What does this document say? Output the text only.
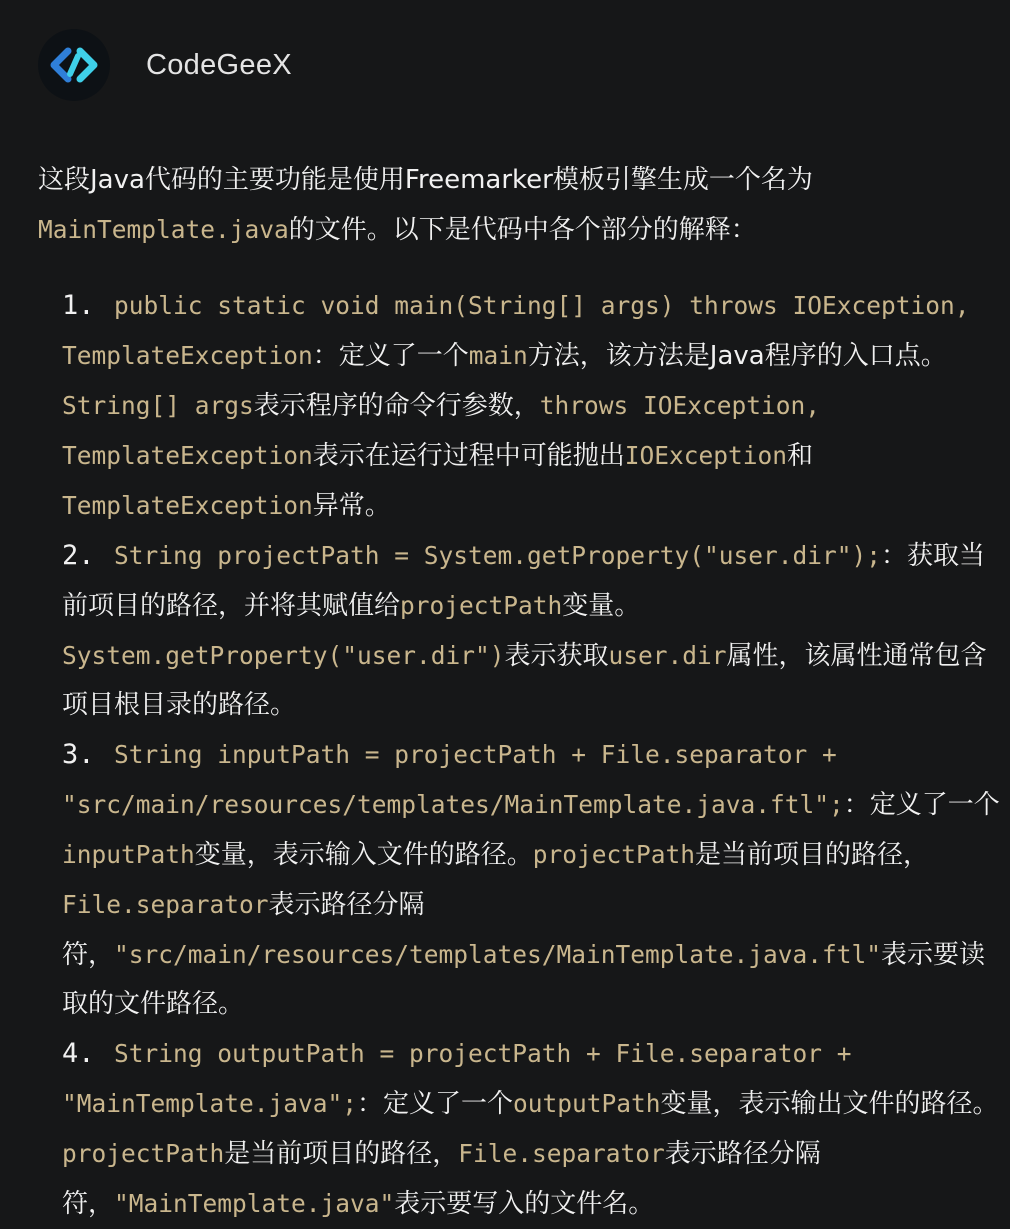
CodeGeeX
这段Java代码的主要功能是使用Freemarker模板引擎生成一个名为MainTemplate.java的文件。以下是代码中各个部分的解释：
1. public static void main(String[] args) throws IOException, TemplateException：定义了一个main方法，该方法是Java程序的入口点。String[] args表示程序的命令行参数，throws IOException, TemplateException表示在运行过程中可能抛出IOException和TemplateException异常。
2. String projectPath = System.getProperty("user.dir");：获取当前项目的路径，并将其赋值给projectPath变量。System.getProperty("user.dir")表示获取user.dir属性，该属性通常包含项目根目录的路径。
3. String inputPath = projectPath + File.separator + "src/main/resources/templates/MainTemplate.java.ftl";：定义了一个inputPath变量，表示输入文件的路径。projectPath是当前项目的路径，File.separator表示路径分隔符，"src/main/resources/templates/MainTemplate.java.ftl"表示要读取的文件路径。
4. String outputPath = projectPath + File.separator + "MainTemplate.java";：定义了一个outputPath变量，表示输出文件的路径。projectPath是当前项目的路径，File.separator表示路径分隔符，"MainTemplate.java"表示要写入的文件名。
